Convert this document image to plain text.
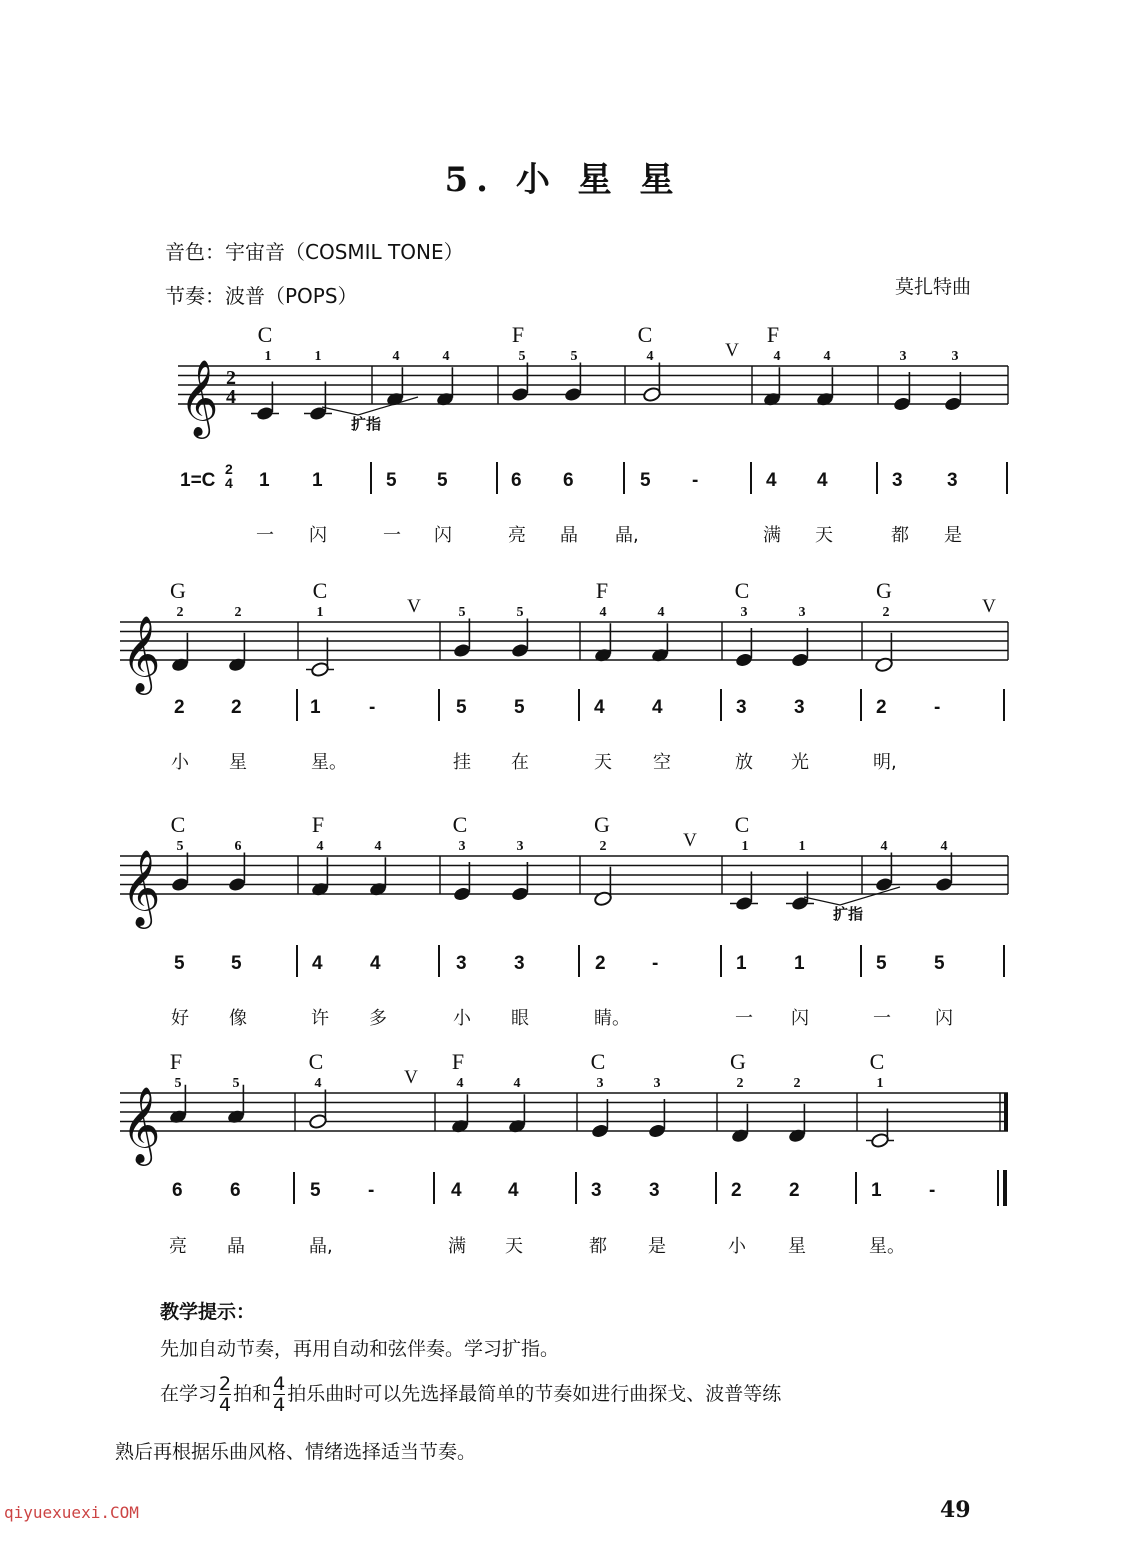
5. 小 星 星
音色：宇宙音（COSMIL TONE）
节奏：波普（POPS）	莫扎特曲
𝄞 2
4
1	1	4	4	5	5	4	4	4	3	3
C	F	C	F
V
扩指
𝄞
2	2	1	5	5	4	4	3	3	2
G	C	F	C	G
V	V
𝄞
5	6	4	4	3	3	2	1	1	4	4
C	F	C	G	C
V
扩指
𝄞
5	5	4	4	4	3	3	2	2	1
F	C	F	C	G	C
V
1=C
2
4 1 1	5 5	6 6	5 -	4 4	3 3
2 2	1	-	5 5	4 4	3 3	2 -
5 5	4 4	3 3	2 -	1 1	5 5
6 6	5 -	4 4	3 3	2 2	1 -
一 闪	一 闪	亮 晶 晶,	满 天	都 是
小 星	星。	挂 在	天 空	放 光	明,
好 像	许 多	小 眼	睛。	一 闪	一 闪
亮 晶	晶,	满 天	都 是	小 星	星。
教学提示：
先加自动节奏，再用自动和弦伴奏。学习扩指。
在学习 $\frac{2}{4}$ 拍和 $\frac{4}{4}$ 拍乐曲时可以先选择最简单的节奏如进行曲探戈、波普等练
熟后再根据乐曲风格、情绪选择适当节奏。
49
qiyuexuexi.COM
